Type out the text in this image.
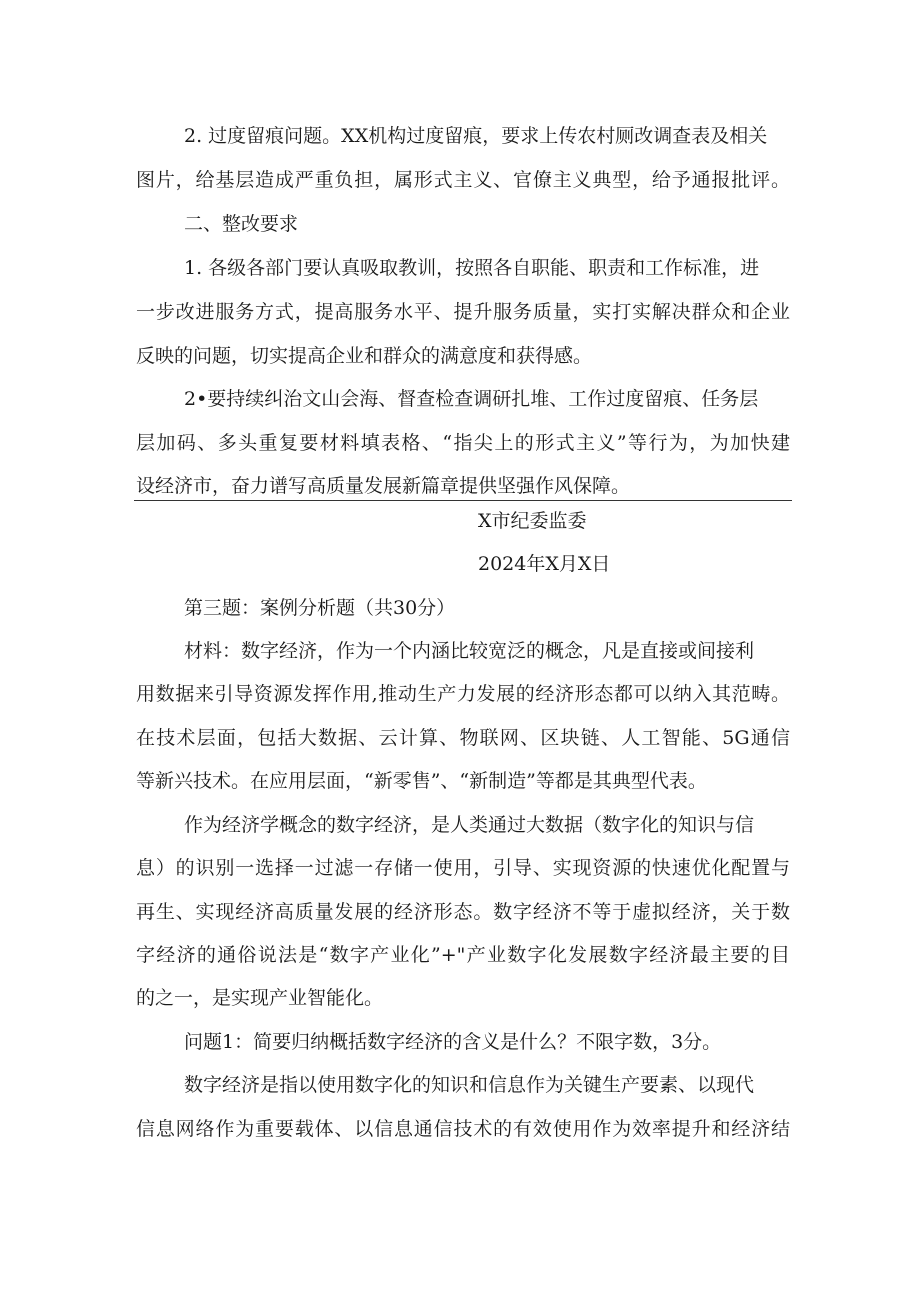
2. 过度留痕问题。XX机构过度留痕，要求上传农村厕改调查表及相关
图片，给基层造成严重负担，属形式主义、官僚主义典型，给予通报批评。
二、整改要求
1. 各级各部门要认真吸取教训，按照各自职能、职责和工作标准，进
一步改进服务方式，提高服务水平、提升服务质量，实打实解决群众和企业
反映的问题，切实提高企业和群众的满意度和获得感。
2•要持续纠治文山会海、督查检查调研扎堆、工作过度留痕、任务层
层加码、多头重复要材料填表格、“指尖上的形式主义”等行为，为加快建
设经济市，奋力谱写高质量发展新篇章提供坚强作风保障。
X市纪委监委
2024年X月X日
第三题：案例分析题（共30分）
材料：数字经济，作为一个内涵比较宽泛的概念，凡是直接或间接利
用数据来引导资源发挥作用,推动生产力发展的经济形态都可以纳入其范畴。
在技术层面，包括大数据、云计算、物联网、区块链、人工智能、5G通信
等新兴技术。在应用层面，“新零售”、“新制造”等都是其典型代表。
作为经济学概念的数字经济，是人类通过大数据（数字化的知识与信
息）的识别一选择一过滤一存储一使用，引导、实现资源的快速优化配置与
再生、实现经济高质量发展的经济形态。数字经济不等于虚拟经济，关于数
字经济的通俗说法是“数字产业化”+"产业数字化发展数字经济最主要的目
的之一，是实现产业智能化。
问题1：简要归纳概括数字经济的含义是什么？不限字数，3分。
数字经济是指以使用数字化的知识和信息作为关键生产要素、以现代
信息网络作为重要载体、以信息通信技术的有效使用作为效率提升和经济结
